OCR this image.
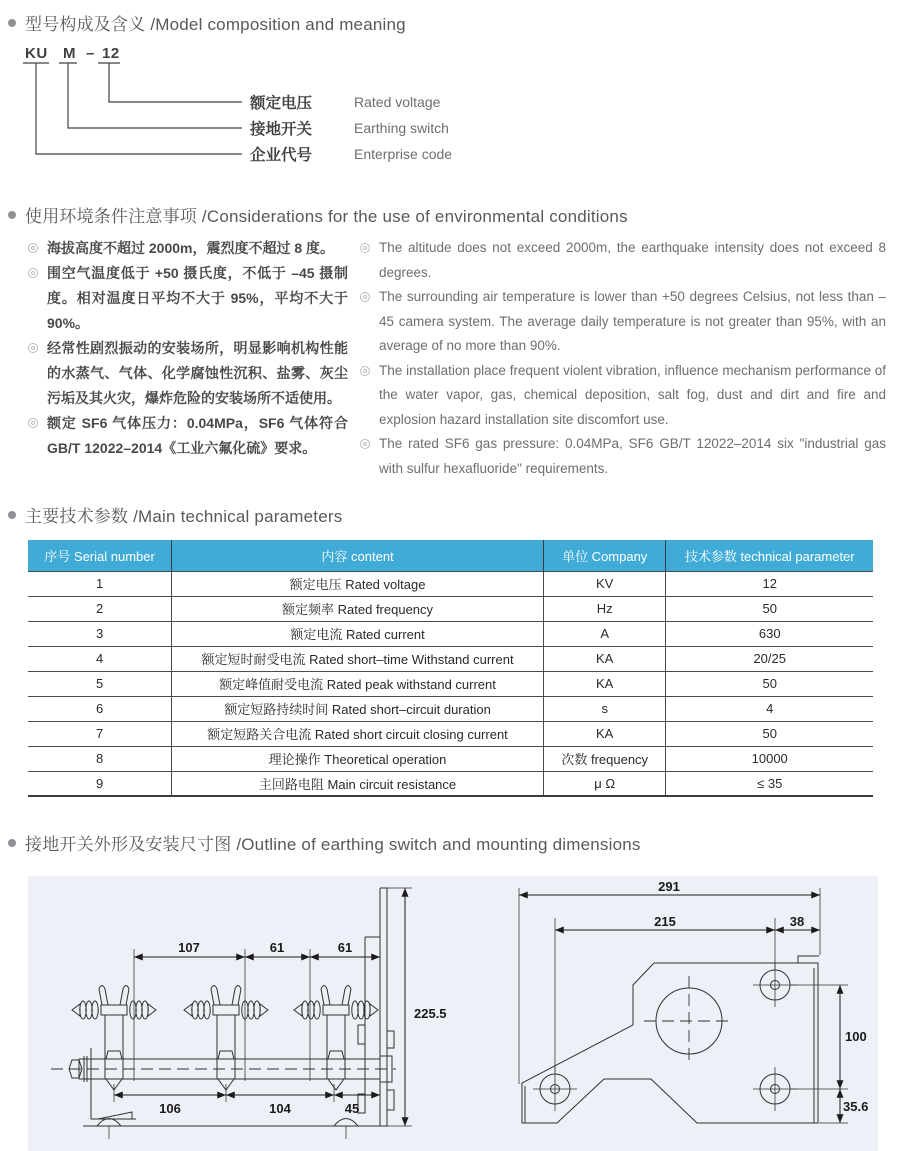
型号构成及含义 /Model composition and meaning
KU M – 12
额定电压
接地开关
企业代号
Rated voltage
Earthing switch
Enterprise code
使用环境条件注意事项 /Considerations for the use of environmental conditions
海拔高度不超过 2000m，震烈度不超过 8 度。
围空气温度低于 +50 摄氏度，不低于 –45 摄制度。相对温度日平均不大于 95%，平均不大于 90%。
经常性剧烈振动的安装场所，明显影响机构性能的水蒸气、气体、化学腐蚀性沉积、盐雾、灰尘污垢及其火灾，爆炸危险的安装场所不适使用。
额定 SF6 气体压力：0.04MPa，SF6 气体符合 GB/T 12022–2014《工业六氟化硫》要求。
The altitude does not exceed 2000m, the earthquake intensity does not exceed 8 degrees.
The surrounding air temperature is lower than +50 degrees Celsius, not less than –45 camera system. The average daily temperature is not greater than 95%, with an average of no more than 90%.
The installation place frequent violent vibration, influence mechanism performance of the water vapor, gas, chemical deposition, salt fog, dust and dirt and fire and explosion hazard installation site discomfort use.
The rated SF6 gas pressure: 0.04MPa, SF6 GB/T 12022–2014 six "industrial gas with sulfur hexafluoride" requirements.
主要技术参数 /Main technical parameters
序号 Serial number	内容 content	单位 Company	技术参数 technical parameter
1	额定电压 Rated voltage	KV	12
2	额定频率 Rated frequency	Hz	50
3	额定电流 Rated current	A	630
4	额定短时耐受电流 Rated short–time Withstand current	KA	20/25
5	额定峰值耐受电流 Rated peak withstand current	KA	50
6	额定短路持续时间 Rated short–circuit duration	s	4
7	额定短路关合电流 Rated short circuit closing current	KA	50
8	理论操作 Theoretical operation	次数 frequency	10000
9	主回路电阻 Main circuit resistance	μ Ω	≤ 35
接地开关外形及安装尺寸图 /Outline of earthing switch and mounting dimensions
107	61	61
225.5
106	104	45
291
215	38
100
35.6
